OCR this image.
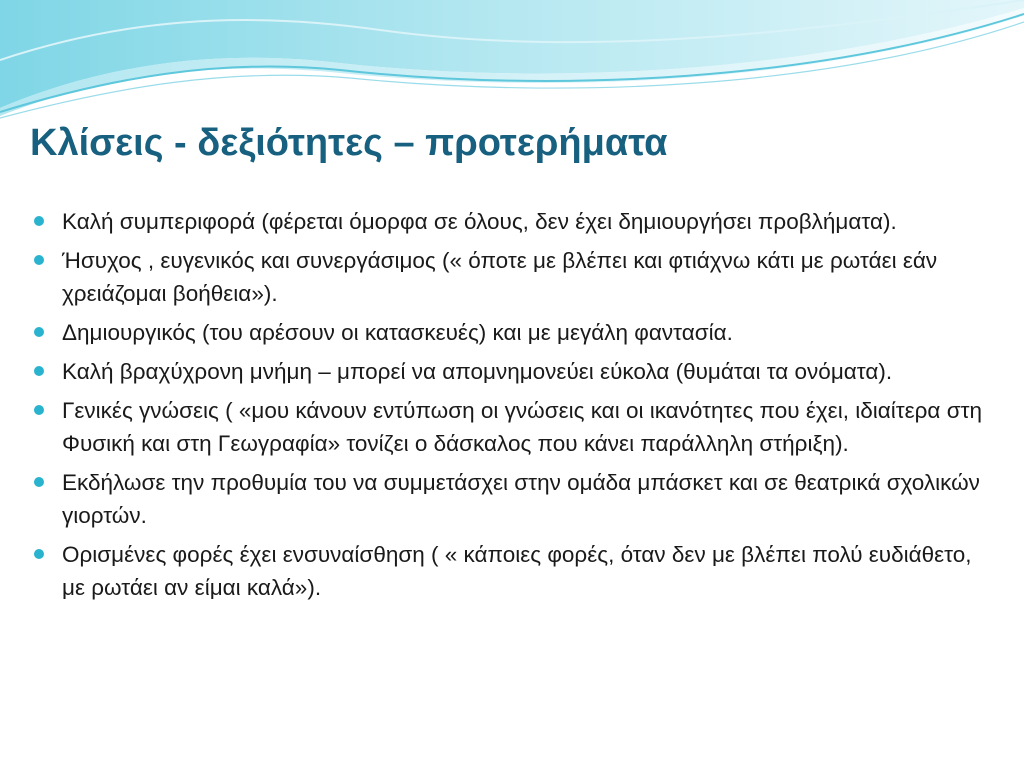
Κλίσεις - δεξιότητες – προτερήματα
Καλή συμπεριφορά (φέρεται όμορφα σε όλους, δεν έχει δημιουργήσει προβλήματα).
Ήσυχος , ευγενικός και συνεργάσιμος (« όποτε με βλέπει και φτιάχνω κάτι με ρωτάει εάν χρειάζομαι βοήθεια»).
Δημιουργικός (του αρέσουν οι κατασκευές) και με μεγάλη φαντασία.
Καλή βραχύχρονη μνήμη – μπορεί να απομνημονεύει εύκολα (θυμάται τα ονόματα).
Γενικές γνώσεις ( «μου κάνουν εντύπωση οι γνώσεις και οι ικανότητες που έχει, ιδιαίτερα στη Φυσική και στη Γεωγραφία» τονίζει ο δάσκαλος που κάνει παράλληλη στήριξη).
Εκδήλωσε την προθυμία του να συμμετάσχει στην ομάδα μπάσκετ και σε θεατρικά σχολικών γιορτών.
Ορισμένες φορές έχει ενσυναίσθηση ( « κάποιες φορές, όταν δεν με βλέπει πολύ ευδιάθετο, με ρωτάει αν είμαι καλά»).
